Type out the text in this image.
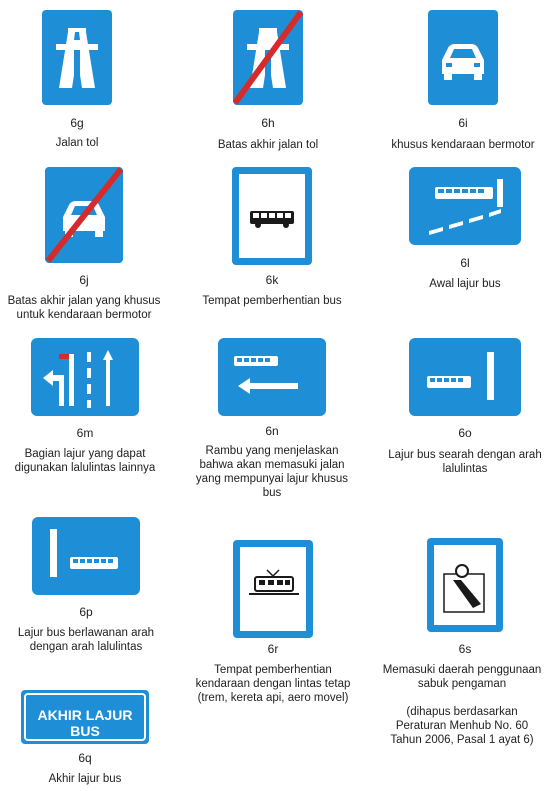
6g
Jalan tol
6h
Batas akhir jalan tol
6i
khusus kendaraan bermotor
6j
Batas akhir jalan yang khusus
untuk kendaraan bermotor
6k
Tempat pemberhentian bus
6l
Awal lajur bus
6m
Bagian lajur yang dapat
digunakan lalulintas lainnya
6n
Rambu yang menjelaskan
bahwa akan memasuki jalan
yang mempunyai lajur khusus
bus
6o
Lajur bus searah dengan arah
lalulintas
6p
Lajur bus berlawanan arah
dengan arah lalulintas	6r
Tempat pemberhentian
kendaraan dengan lintas tetap
(trem, kereta api, aero movel)
6s
Memasuki daerah penggunaan
sabuk pengaman
(dihapus berdasarkan
Peraturan Menhub No. 60
Tahun 2006, Pasal 1 ayat 6)
AKHIR LAJUR BUS
6q
Akhir lajur bus
